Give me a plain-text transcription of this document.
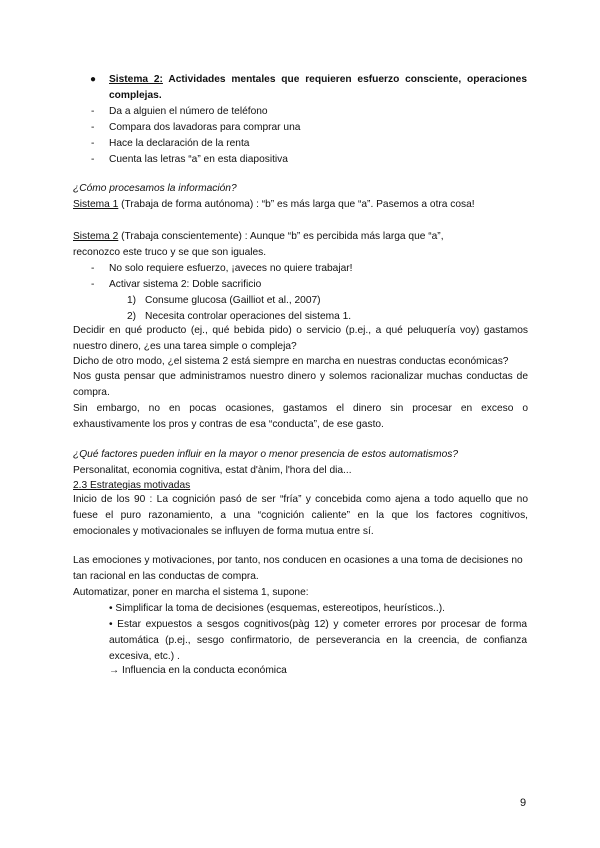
● Sistema 2: Actividades mentales que requieren esfuerzo consciente, operaciones complejas.

- Da a alguien el número de teléfono

- Compara dos lavadoras para comprar una

- Hace la declaración de la renta

- Cuenta las letras “a” en esta diapositiva

¿Cómo procesamos la información?

Sistema 1 (Trabaja de forma autónoma) : “b” es más larga que “a”. Pasemos a otra cosa!

Sistema 2 (Trabaja conscientemente) : Aunque “b” es percibida más larga que “a”,

reconozco este truco y se que son iguales.

- No solo requiere esfuerzo, ¡aveces no quiere trabajar!

- Activar sistema 2: Doble sacrificio

1) Consume glucosa (Gailliot et al., 2007)

2) Necesita controlar operaciones del sistema 1.

Decidir en qué producto (ej., qué bebida pido) o servicio (p.ej., a qué peluquería voy) gastamos nuestro dinero, ¿es una tarea simple o compleja?

Dicho de otro modo, ¿el sistema 2 está siempre en marcha en nuestras conductas económicas?

Nos gusta pensar que administramos nuestro dinero y solemos racionalizar muchas conductas de compra.

Sin embargo, no en pocas ocasiones, gastamos el dinero sin procesar en exceso o exhaustivamente los pros y contras de esa “conducta”, de ese gasto.

¿Qué factores pueden influir en la mayor o menor presencia de estos automatismos?

Personalitat, economia cognitiva, estat d'ànim, l'hora del dia...

2.3 Estrategias motivadas

Inicio de los 90 : La cognición pasó de ser “fría” y concebida como ajena a todo aquello que no fuese el puro razonamiento, a una “cognición caliente” en la que los factores cognitivos, emocionales y motivacionales se influyen de forma mutua entre sí.

Las emociones y motivaciones, por tanto, nos conducen en ocasiones a una toma de decisiones no

tan racional en las conductas de compra.

Automatizar, poner en marcha el sistema 1, supone:

• Simplificar la toma de decisiones (esquemas, estereotipos, heurísticos..).

• Estar expuestos a sesgos cognitivos(pàg 12) y cometer errores por procesar de forma automática (p.ej., sesgo confirmatorio, de perseverancia en la creencia, de confianza excesiva, etc.) .

→ Influencia en la conducta económica

9
